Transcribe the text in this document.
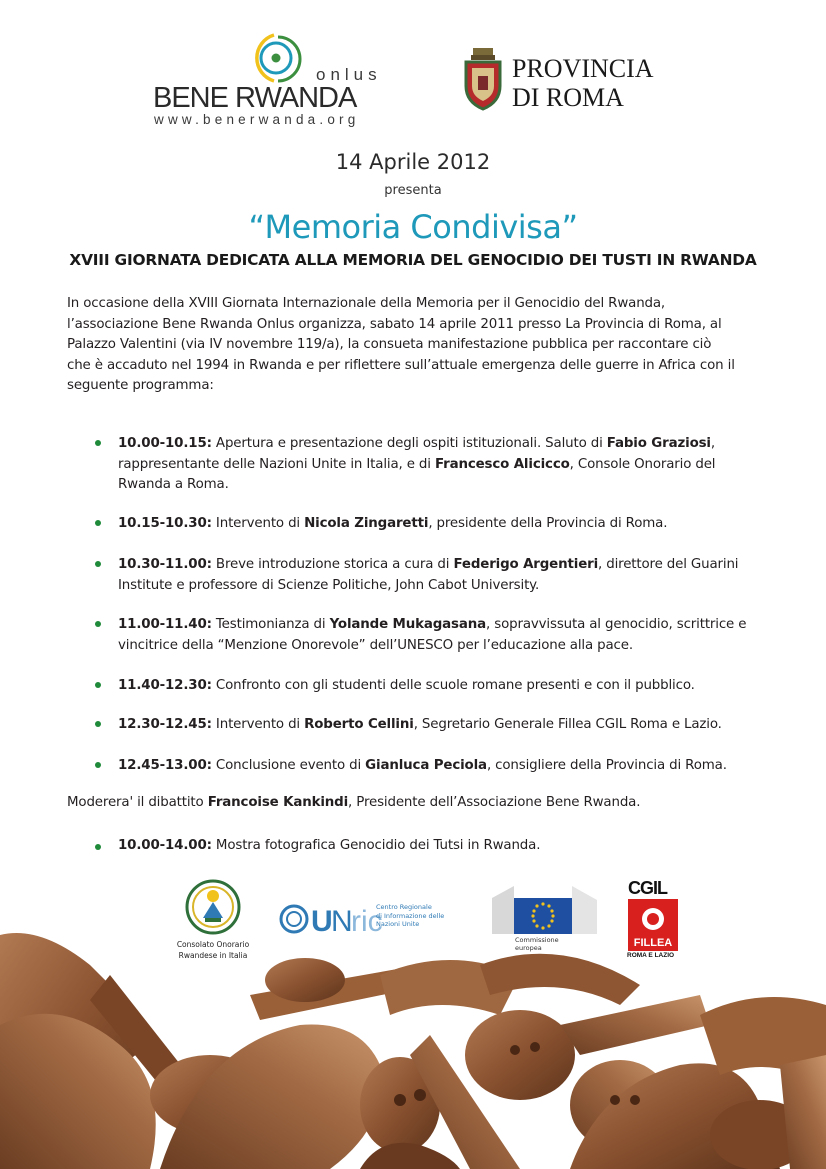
onlus
BENE RWANDA
www.benerwanda.org
PROVINCIA
DI ROMA
14 Aprile 2012
presenta
“Memoria Condivisa”
XVIII GIORNATA DEDICATA ALLA MEMORIA DEL GENOCIDIO DEI TUSTI IN RWANDA
In occasione della XVIII Giornata Internazionale della Memoria per il Genocidio del Rwanda,
l’associazione Bene Rwanda Onlus organizza, sabato 14 aprile 2011 presso La Provincia di Roma, al
Palazzo Valentini (via IV novembre 119/a), la consueta manifestazione pubblica per raccontare ciò
che è accaduto nel 1994 in Rwanda e per riflettere sull’attuale emergenza delle guerre in Africa con il
seguente programma:
10.00-10.15: Apertura e presentazione degli ospiti istituzionali. Saluto di Fabio Graziosi,
rappresentante delle Nazioni Unite in Italia, e di Francesco Alicicco, Console Onorario del
Rwanda a Roma.
10.15-10.30: Intervento di Nicola Zingaretti, presidente della Provincia di Roma.
10.30-11.00: Breve introduzione storica a cura di Federigo Argentieri, direttore del Guarini
Institute e professore di Scienze Politiche, John Cabot University.
11.00-11.40: Testimonianza di Yolande Mukagasana, sopravvissuta al genocidio, scrittrice e
vincitrice della “Menzione Onorevole” dell’UNESCO per l’educazione alla pace.
11.40-12.30: Confronto con gli studenti delle scuole romane presenti e con il pubblico.
12.30-12.45: Intervento di Roberto Cellini, Segretario Generale Fillea CGIL Roma e Lazio.
12.45-13.00: Conclusione evento di Gianluca Peciola, consigliere della Provincia di Roma.
Moderera' il dibattito Francoise Kankindi, Presidente dell’Associazione Bene Rwanda.
10.00-14.00: Mostra fotografica Genocidio dei Tutsi in Rwanda.
Consolato Onorario
Rwandese in Italia
U
N
ric
Centro Regionale
di Informazione delle
Nazioni Unite
Commissione
europea
CGIL
FILLEA
ROMA E LAZIO
